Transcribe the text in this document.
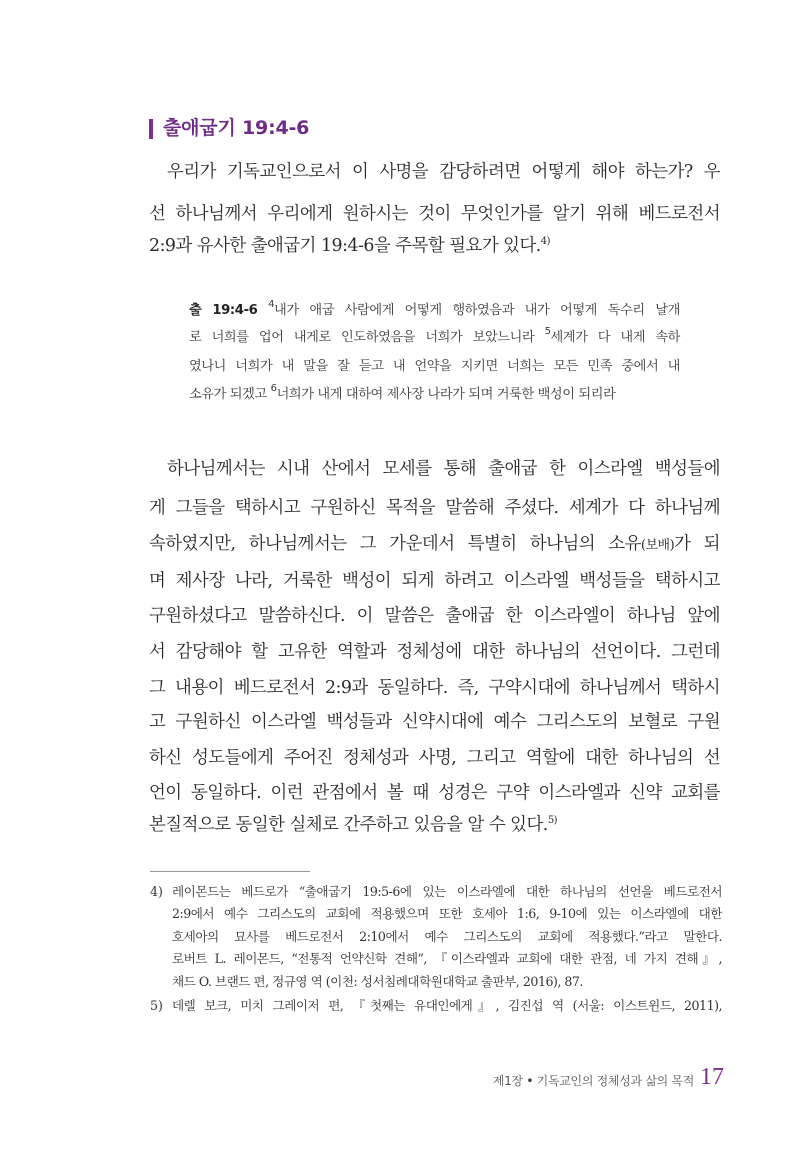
출애굽기 19:4-6
우리가 기독교인으로서 이 사명을 감당하려면 어떻게 해야 하는가? 우
선 하나님께서 우리에게 원하시는 것이 무엇인가를 알기 위해 베드로전서
2:9과 유사한 출애굽기 19:4-6을 주목할 필요가 있다.$^{4)}$
출 19:4-6 $^4$내가 애굽 사람에게 어떻게 행하였음과 내가 어떻게 독수리 날개
로 너희를 업어 내게로 인도하였음을 너희가 보았느니라 $^5$세계가 다 내게 속하
였나니 너희가 내 말을 잘 듣고 내 언약을 지키면 너희는 모든 민족 중에서 내
소유가 되겠고 $^6$너희가 내게 대하여 제사장 나라가 되며 거룩한 백성이 되리라
하나님께서는 시내 산에서 모세를 통해 출애굽 한 이스라엘 백성들에
게 그들을 택하시고 구원하신 목적을 말씀해 주셨다. 세계가 다 하나님께
속하였지만, 하나님께서는 그 가운데서 특별히 하나님의 소유(보배)가 되
며 제사장 나라, 거룩한 백성이 되게 하려고 이스라엘 백성들을 택하시고
구원하셨다고 말씀하신다. 이 말씀은 출애굽 한 이스라엘이 하나님 앞에
서 감당해야 할 고유한 역할과 정체성에 대한 하나님의 선언이다. 그런데
그 내용이 베드로전서 2:9과 동일하다. 즉, 구약시대에 하나님께서 택하시
고 구원하신 이스라엘 백성들과 신약시대에 예수 그리스도의 보혈로 구원
하신 성도들에게 주어진 정체성과 사명, 그리고 역할에 대한 하나님의 선
언이 동일하다. 이런 관점에서 볼 때 성경은 구약 이스라엘과 신약 교회를
본질적으로 동일한 실체로 간주하고 있음을 알 수 있다.$^{5)}$
4) 레이몬드는 베드로가 “출애굽기 19:5-6에 있는 이스라엘에 대한 하나님의 선언을 베드로전서
2:9에서 예수 그리스도의 교회에 적용했으며 또한 호세아 1:6, 9-10에 있는 이스라엘에 대한
호세아의 묘사를 베드로전서 2:10에서 예수 그리스도의 교회에 적용했다.”라고 말한다.
로버트 L. 레이몬드, “전통적 언약신학 견해”, 『이스라엘과 교회에 대한 관점, 네 가지 견해』,
채드 O. 브랜드 편, 정규영 역 (이천: 성서침례대학원대학교 출판부, 2016), 87.
5) 데렐 보크, 미치 그레이저 편, 『첫째는 유대인에게』, 김진섭 역 (서울: 이스트윈드, 2011),
제1장 • 기독교인의 정체성과 삶의 목적 17
